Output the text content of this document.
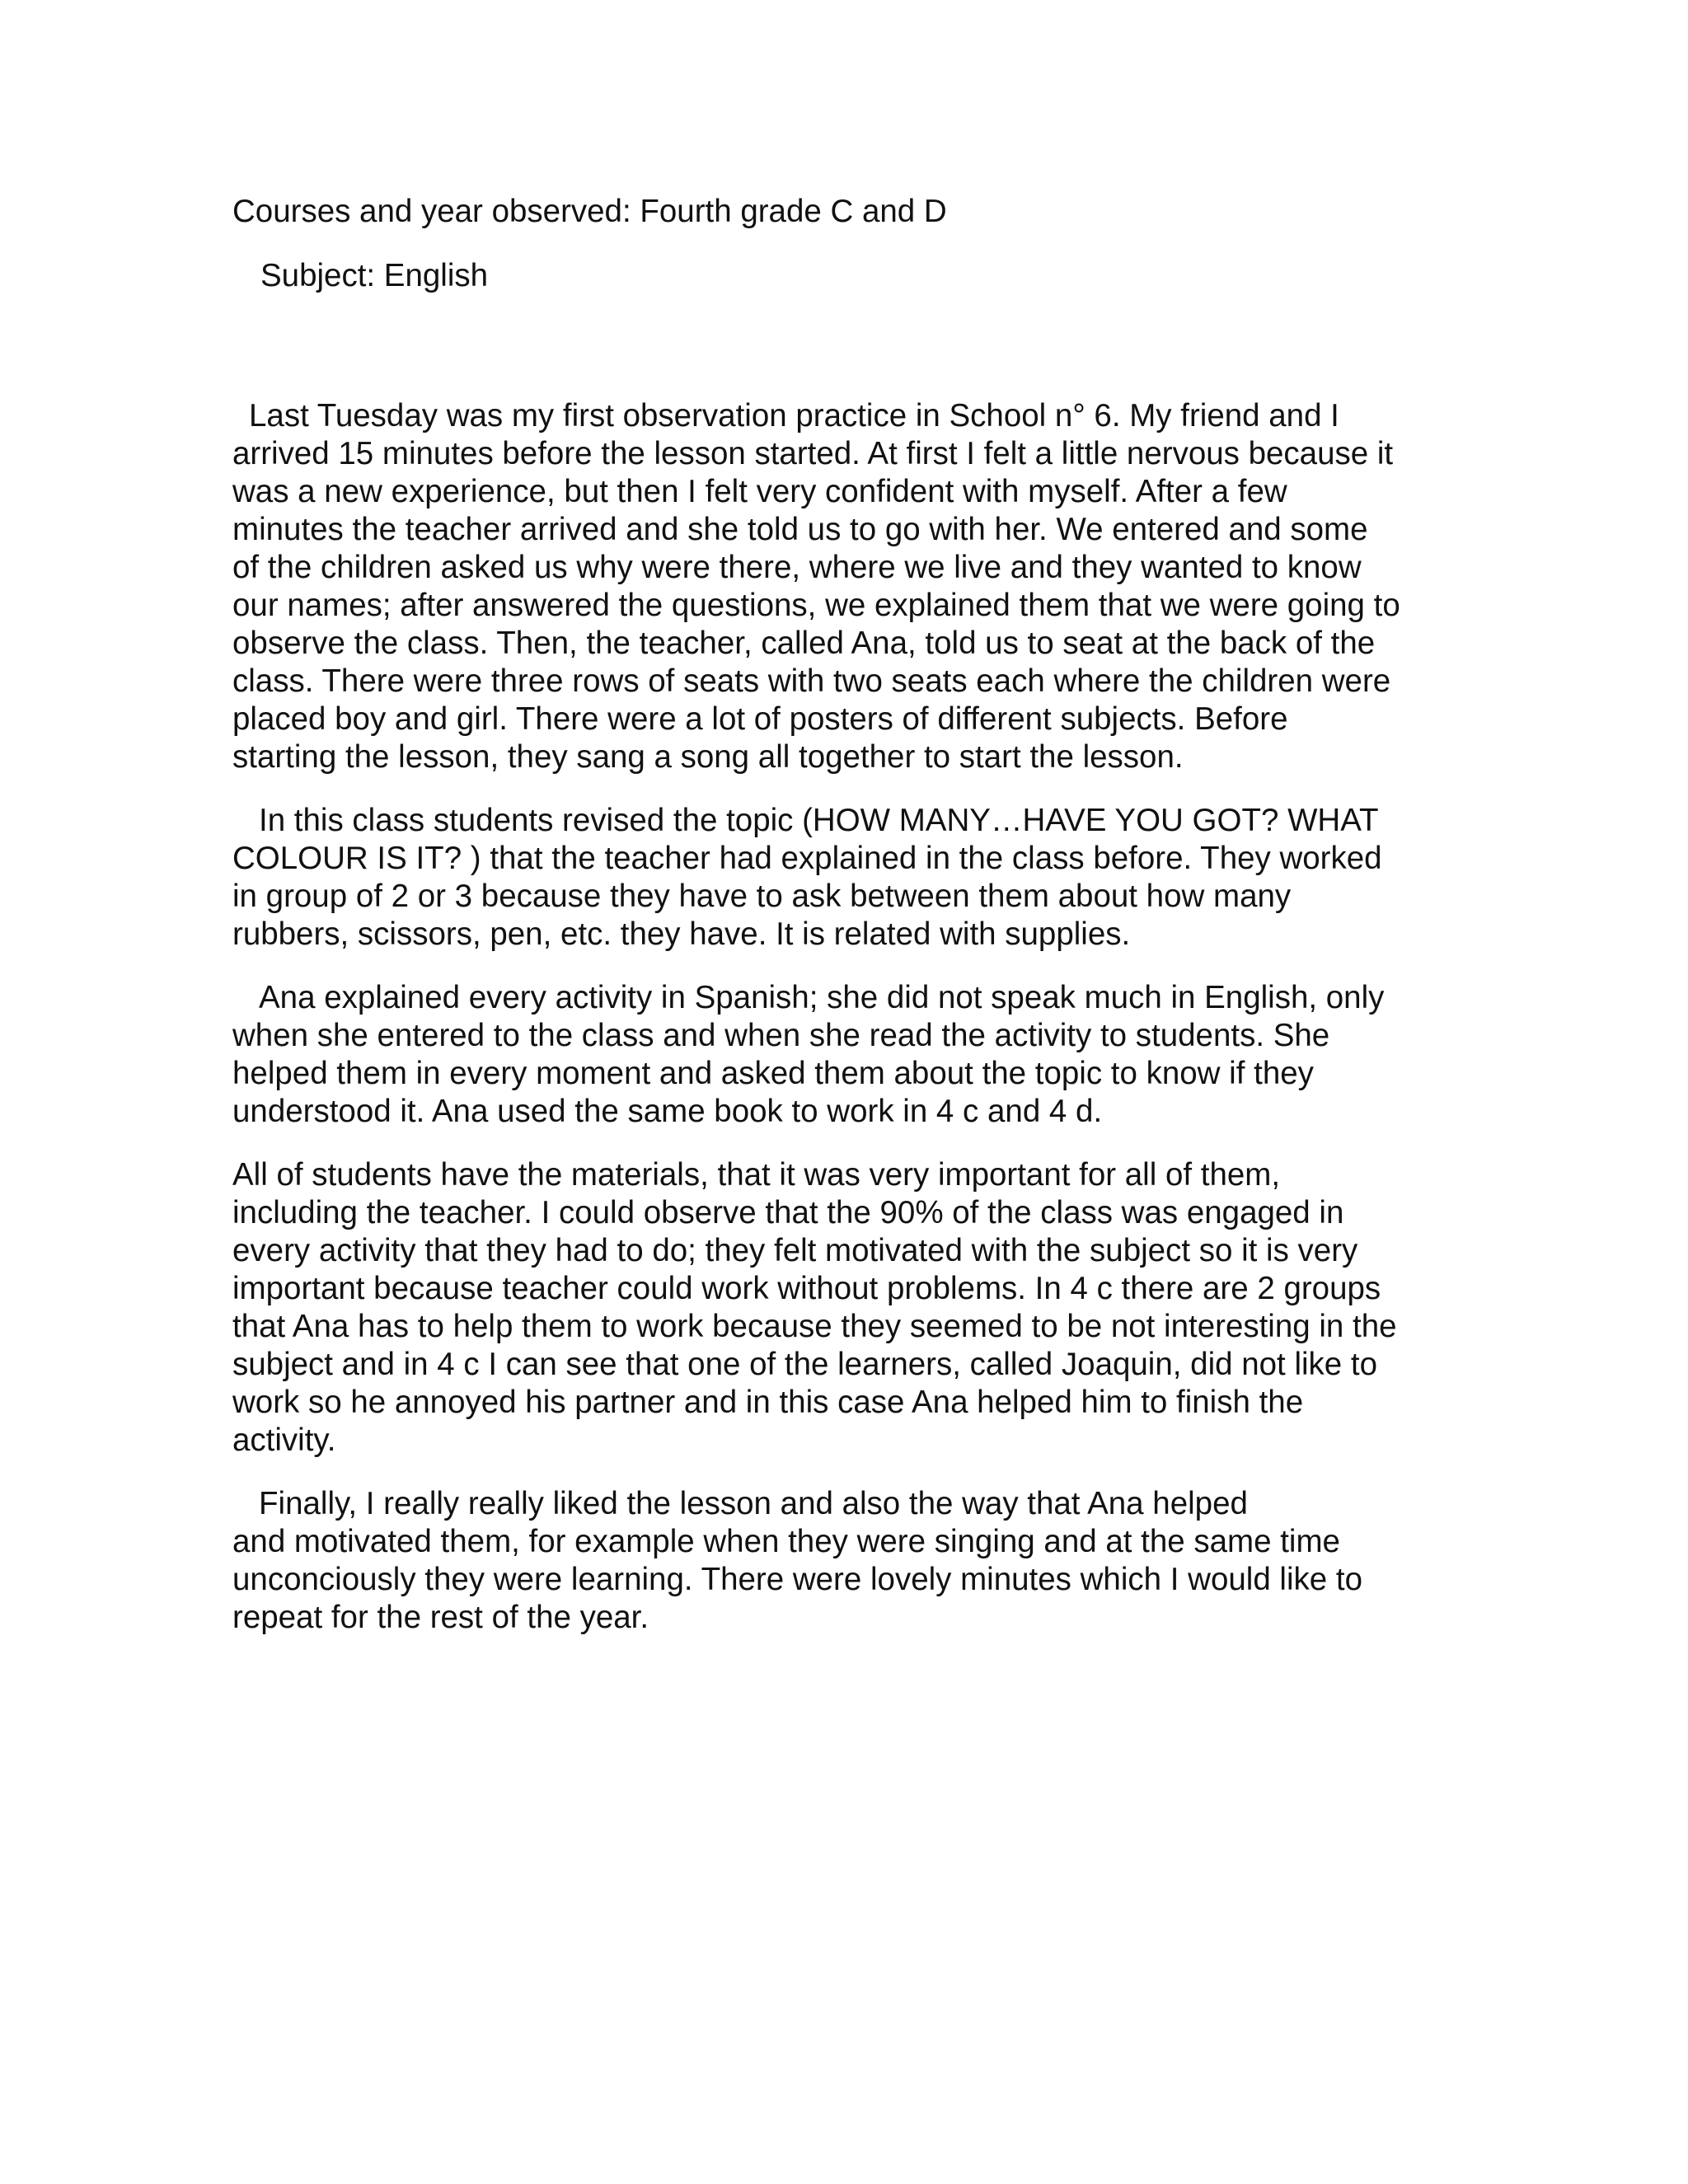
Courses and year observed: Fourth grade C and D

Subject: English

Last Tuesday was my first observation practice in School n° 6. My friend and I

arrived 15 minutes before the lesson started. At first I felt a little nervous because it

was a new experience, but then I felt very confident with myself. After a few

minutes the teacher arrived and she told us to go with her. We entered and some

of the children asked us why were there, where we live and they wanted to know

our names; after answered the questions, we explained them that we were going to

observe the class. Then, the teacher, called Ana, told us to seat at the back of the

class. There were three rows of seats with two seats each where the children were

placed boy and girl. There were a lot of posters of different subjects. Before

starting the lesson, they sang a song all together to start the lesson.

In this class students revised the topic (HOW MANY…HAVE YOU GOT? WHAT

COLOUR IS IT? ) that the teacher had explained in the class before. They worked

in group of 2 or 3 because they have to ask between them about how many

rubbers, scissors, pen, etc. they have. It is related with supplies.

Ana explained every activity in Spanish; she did not speak much in English, only

when she entered to the class and when she read the activity to students. She

helped them in every moment and asked them about the topic to know if they

understood it. Ana used the same book to work in 4 c and 4 d.

All of students have the materials, that it was very important for all of them,

including the teacher. I could observe that the 90% of the class was engaged in

every activity that they had to do; they felt motivated with the subject so it is very

important because teacher could work without problems. In 4 c there are 2 groups

that Ana has to help them to work because they seemed to be not interesting in the

subject and in 4 c I can see that one of the learners, called Joaquin, did not like to

work so he annoyed his partner and in this case Ana helped him to finish the

activity.

Finally, I really really liked the lesson and also the way that Ana helped

and motivated them, for example when they were singing and at the same time

unconciously they were learning. There were lovely minutes which I would like to

repeat for the rest of the year.
